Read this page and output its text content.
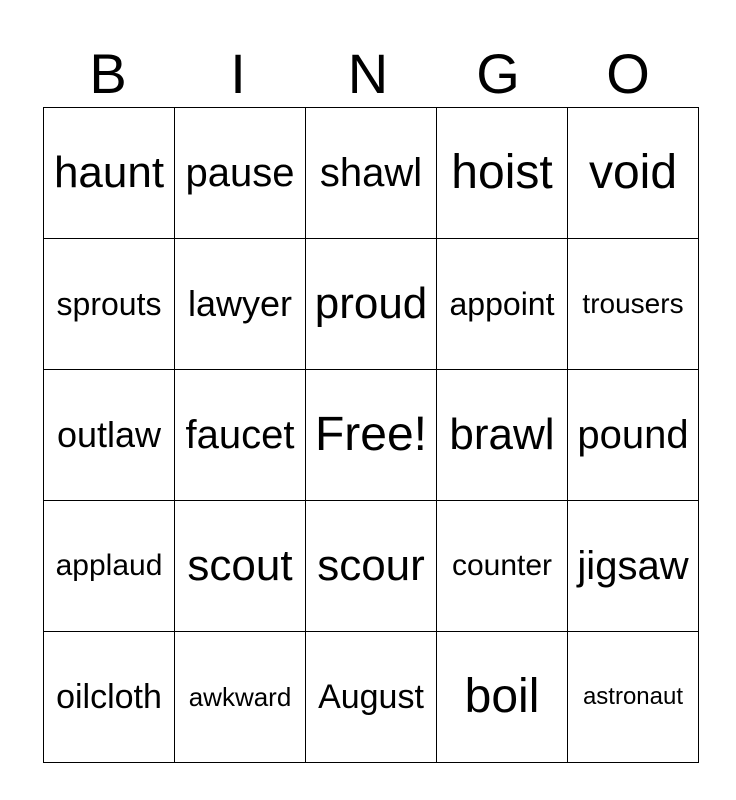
B	I	N	G	O
haunt	pause	shawl	hoist	void
sprouts	lawyer	proud	appoint	trousers
outlaw	faucet	Free!	brawl	pound
applaud	scout	scour	counter	jigsaw
oilcloth	awkward	August	boil	astronaut
